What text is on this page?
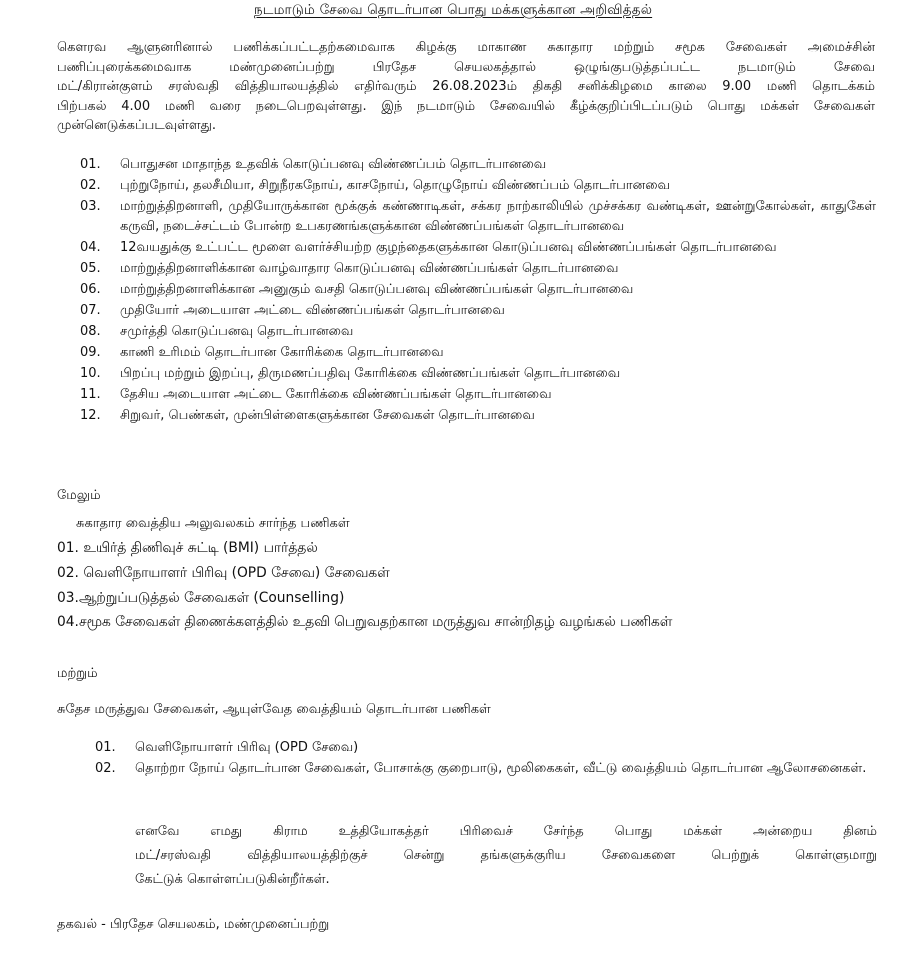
நடமாடும் சேவை தொடர்பான பொது மக்களுக்கான அறிவித்தல்
கௌரவ ஆளுனரினால் பணிக்கப்பட்டதற்கமைவாக கிழக்கு மாகாண சுகாதார மற்றும் சமூக சேவைகள் அமைச்சின்
பணிப்புரைக்கமைவாக மண்முனைப்பற்று பிரதேச செயலகத்தால் ஒழுங்குபடுத்தப்பட்ட நடமாடும் சேவை
மட்/கிரான்குளம் சரஸ்வதி வித்தியாலயத்தில் எதிர்வரும் 26.08.2023ம் திகதி சனிக்கிழமை காலை 9.00 மணி தொடக்கம்
பிற்பகல் 4.00 மணி வரை நடைபெறவுள்ளது. இந் நடமாடும் சேவையில் கீழ்க்குறிப்பிடப்படும் பொது மக்கள் சேவைகள்
முன்னெடுக்கப்படவுள்ளது.
01.	பொதுசன மாதாந்த உதவிக் கொடுப்பனவு விண்ணப்பம் தொடர்பானவை
02.	புற்றுநோய், தலசீமியா, சிறுநீரகநோய், காசநோய், தொழுநோய் விண்ணப்பம் தொடர்பானவை
03.	மாற்றுத்திறனாளி, முதியோருக்கான மூக்குக் கண்ணாடிகள், சக்கர நாற்காலியில் முச்சக்கர வண்டிகள், ஊன்றுகோல்கள், காதுகேள் கருவி, நடைச்சட்டம் போன்ற உபகரணங்களுக்கான விண்ணப்பங்கள் தொடர்பானவை
04.	12வயதுக்கு உட்பட்ட மூளை வளர்ச்சியற்ற குழந்தைகளுக்கான கொடுப்பனவு விண்ணப்பங்கள் தொடர்பானவை
05.	மாற்றுத்திறனாளிக்கான வாழ்வாதார கொடுப்பனவு விண்ணப்பங்கள் தொடர்பானவை
06.	மாற்றுத்திறனாளிக்கான அனுகும் வசதி கொடுப்பனவு விண்ணப்பங்கள் தொடர்பானவை
07.	முதியோர் அடையாள அட்டை விண்ணப்பங்கள் தொடர்பானவை
08.	சமுர்த்தி கொடுப்பனவு தொடர்பானவை
09.	காணி உரிமம் தொடர்பான கோரிக்கை தொடர்பானவை
10.	பிறப்பு மற்றும் இறப்பு, திருமணப்பதிவு கோரிக்கை விண்ணப்பங்கள் தொடர்பானவை
11.	தேசிய அடையாள அட்டை கோரிக்கை விண்ணப்பங்கள் தொடர்பானவை
12.	சிறுவர், பெண்கள், முன்பிள்ளைகளுக்கான சேவைகள் தொடர்பானவை
மேலும்
சுகாதார வைத்திய அலுவலகம் சார்ந்த பணிகள்
01. உயிர்த் திணிவுச் சுட்டி (BMI) பார்த்தல்
02. வெளிநோயாளர் பிரிவு (OPD சேவை) சேவைகள்
03.ஆற்றுப்படுத்தல் சேவைகள் (Counselling)
04.சமூக சேவைகள் திணைக்களத்தில் உதவி பெறுவதற்கான மருத்துவ சான்றிதழ் வழங்கல் பணிகள்
மற்றும்
சுதேச மருத்துவ சேவைகள், ஆயுள்வேத வைத்தியம் தொடர்பான பணிகள்
01.	வெளிநோயாளர் பிரிவு (OPD சேவை)
02.	தொற்றா நோய் தொடர்பான சேவைகள், போசாக்கு குறைபாடு, மூலிகைகள், வீட்டு வைத்தியம் தொடர்பான ஆலோசனைகள்.
எனவே எமது கிராம உத்தியோகத்தர் பிரிவைச் சேர்ந்த பொது மக்கள் அன்றைய தினம்
மட்/சரஸ்வதி வித்தியாலயத்திற்குச் சென்று தங்களுக்குரிய சேவைகளை பெற்றுக் கொள்ளுமாறு
கேட்டுக் கொள்ளப்படுகின்றீர்கள்.
தகவல் - பிரதேச செயலகம், மண்முனைப்பற்று
